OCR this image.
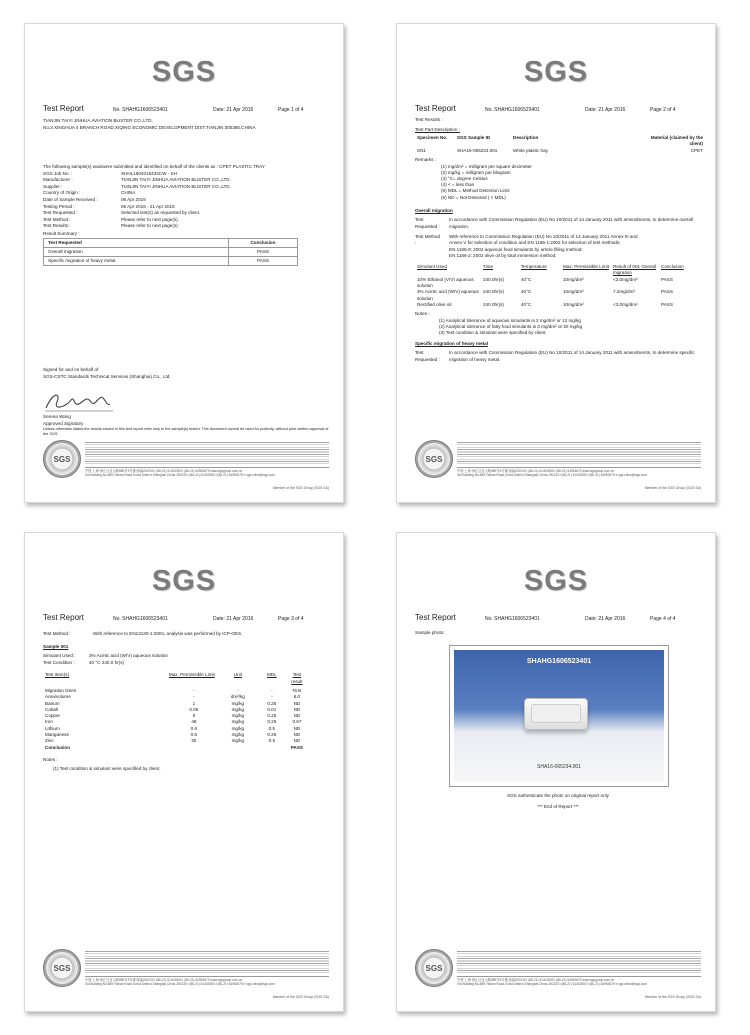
SGS
Test Report	No. SHAHG1606523401	Date: 21 Apr 2016	Page 1 of 4
TIANJIN TAIYI JINHUA AVIATION BLISTER CO.,LTD.
No.3 XINGHUA 4 BRANCH ROAD,XIQING ECONOMIC DEVELOPMENT DIST,TIANJIN 300385,CHINA
The following sample(s) was/were submitted and identified on behalf of the clients as : CPET PLASTIC TRAY
SGS Job No. :	SHHL1604016434CW - SH
Manufacturer :	TIANJIN TAIYI JINHUA AVIATION BLISTER CO.,LTD.
Supplier :	TIANJIN TAIYI JINHUA AVIATION BLISTER CO.,LTD.
Country of Origin :	CHINA
Date of Sample Received :	06 Apr 2016
Testing Period :	06 Apr 2016 - 21 Apr 2016
Test Requested :	Selected test(s) as requested by client.
Test Method :	Please refer to next page(s).
Test Results :	Please refer to next page(s).
Result Summary :
Test Requested	Conclusion
Overall migration	PASS
Specific migration of heavy metal	PASS
Signed for and on behalf of
SGS-CSTC Standards Technical Services (Shanghai) Co., Ltd.
Serena Wang
Approved Signatory
Unless otherwise stated the results shown in this test report refer only to the sample(s) tested. This document cannot be used for publicity, without prior written approval of the SGS.
SGS
中国·上海·徐汇区宜山路889号3号楼 邮编200233 t (86-21) 61402553 f (86-21) 64953679 www.sgsgroup.com.cn
3rd Building,No.889,Yishan Road,Xuhui District,Shanghai,China 200233 t (86-21) 61402553 f (86-21) 64953679 e sgs.china@sgs.com
Member of the SGS Group (SGS SA)
SGS
Test Report	No. SHAHG1606523401	Date: 21 Apr 2016	Page 2 of 4
Test Results :
Test Part Description :
Specimen No.	SGS Sample ID	Description	Material (claimed by the client)
SN1	SHA16-065234.001	White plastic tray	CPET
Remarks :
(1) mg/dm² = milligram per square decimeter
(2) mg/kg = milligram per kilogram
(3) °C= degree Celsius
(4) < = less than
(5) MDL = Method Detection Limit
(6) ND = Not Detected ( < MDL)
Overall migration
Test Requested :
In accordance with Commission Regulation (EU) No 10/2011 of 14 January 2011 with amendments, to determine overall migration.
Test Method :
With reference to Commission Regulation (EU) No 10/2011 of 14 January 2011 Annex III and
Annex V for selection of condition and EN 1186-1:2002 for selection of test methods;
EN 1186-9: 2002 aqueous food simulants by article filling method;
EN 1186-2: 2002 olive oil by total immersion method;
Simulant Used	Time	Temperature	Max. Permissible Limit	Result of 001 Overall migration	Conclusion
10% Ethanol (V/V) aqueous solution	240.0hr(s)	40°C	10mg/dm²	<3.0mg/dm²	PASS
3% Acetic acid (W/V) aqueous solution	240.0hr(s)	40°C	10mg/dm²	7.2mg/dm²	PASS
Rectified olive oil	240.0hr(s)	40°C	10mg/dm²	<3.0mg/dm²	PASS
Notes :
(1) Analytical tolerance of aqueous simulants is 2 mg/dm² or 12 mg/kg
(2) Analytical tolerance of fatty food simulants is 3 mg/dm² or 20 mg/kg
(3) Test condition & simulant were specified by client.
Specific migration of heavy metal
Test Requested :
In accordance with Commission Regulation (EU) No 10/2011 of 14 January 2011 with amendments, to determine specific migration of heavy metal.
SGS
中国·上海·徐汇区宜山路889号3号楼 邮编200233 t (86-21) 61402553 f (86-21) 64953679 www.sgsgroup.com.cn
3rd Building,No.889,Yishan Road,Xuhui District,Shanghai,China 200233 t (86-21) 61402553 f (86-21) 64953679 e sgs.china@sgs.com
Member of the SGS Group (SGS SA)
SGS
Test Report	No. SHAHG1606523401	Date: 21 Apr 2016	Page 3 of 4
Test Method :	With reference to EN13130-1:2004, analysis was performed by ICP-OES.
Sample 001
Simulant Used :	3% Acetic acid (W/V) aqueous solution
Test Condition :	40 °C 240.0 hr(s)
Test Item(s)	Max. Permissible Limit	Unit	MDL	Test result
Migration times	-	-	-	First
Area/volume	-	dm²/kg	-	6.0
Barium	1	mg/kg	0.25	ND
Cobalt	0.05	mg/kg	0.01	ND
Copper	5	mg/kg	0.25	ND
Iron	48	mg/kg	0.25	0.67
Lithium	0.6	mg/kg	0.5	ND
Manganese	0.6	mg/kg	0.25	ND
Zinc	25	mg/kg	0.5	ND
Conclusion				PASS
Notes :
(1) Test condition & simulant were specified by client.
SGS
中国·上海·徐汇区宜山路889号3号楼 邮编200233 t (86-21) 61402553 f (86-21) 64953679 www.sgsgroup.com.cn
3rd Building,No.889,Yishan Road,Xuhui District,Shanghai,China 200233 t (86-21) 61402553 f (86-21) 64953679 e sgs.china@sgs.com
Member of the SGS Group (SGS SA)
SGS
Test Report	No. SHAHG1606523401	Date: 21 Apr 2016	Page 4 of 4
Sample photo:
SHAHG1606523401
SHA16-065234.001
SGS authenticate the photo on original report only
*** End of Report ***
SGS
中国·上海·徐汇区宜山路889号3号楼 邮编200233 t (86-21) 61402553 f (86-21) 64953679 www.sgsgroup.com.cn
3rd Building,No.889,Yishan Road,Xuhui District,Shanghai,China 200233 t (86-21) 61402553 f (86-21) 64953679 e sgs.china@sgs.com
Member of the SGS Group (SGS SA)
